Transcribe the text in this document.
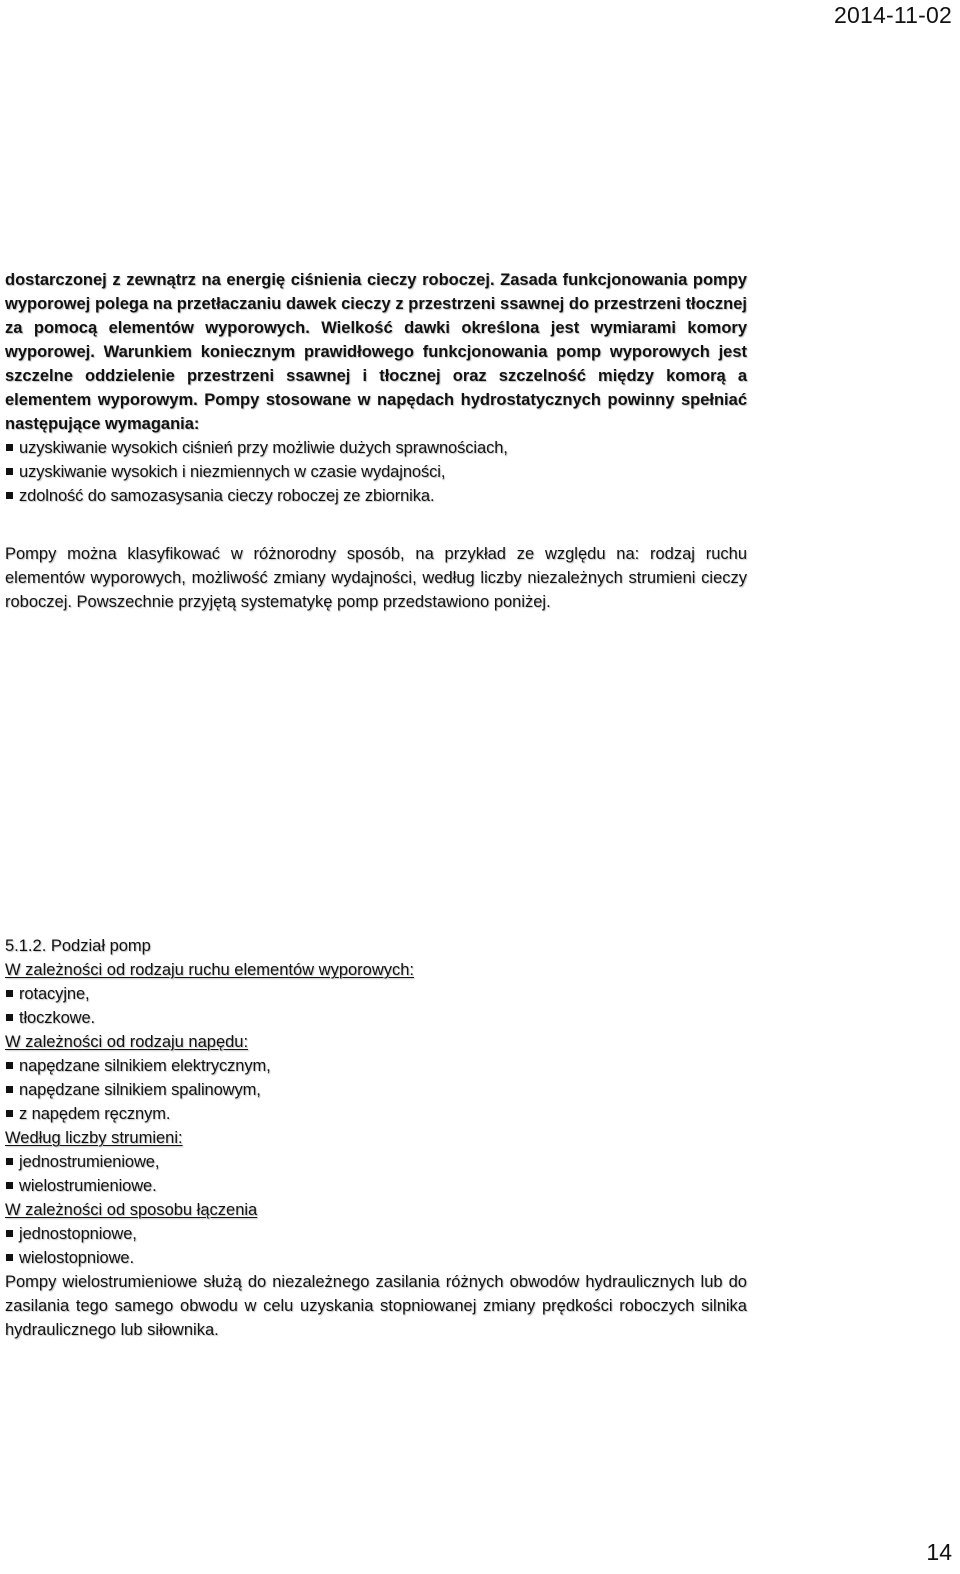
2014-11-02

dostarczonej z zewnątrz na energię ciśnienia cieczy roboczej. Zasada funkcjonowania pompy wyporowej polega na przetłaczaniu dawek cieczy z przestrzeni ssawnej do przestrzeni tłocznej za pomocą elementów wyporowych. Wielkość dawki określona jest wymiarami komory wyporowej. Warunkiem koniecznym prawidłowego funkcjonowania pomp wyporowych jest szczelne oddzielenie przestrzeni ssawnej i tłocznej oraz szczelność między komorą a elementem wyporowym. Pompy stosowane w napędach hydrostatycznych powinny spełniać następujące wymagania:

uzyskiwanie wysokich ciśnień przy możliwie dużych sprawnościach,
uzyskiwanie wysokich i niezmiennych w czasie wydajności,
zdolność do samozasysania cieczy roboczej ze zbiornika.

Pompy można klasyfikować w różnorodny sposób, na przykład ze względu na: rodzaj ruchu elementów wyporowych, możliwość zmiany wydajności, według liczby niezależnych strumieni cieczy roboczej. Powszechnie przyjętą systematykę pomp przedstawiono poniżej.

5.1.2. Podział pomp
W zależności od rodzaju ruchu elementów wyporowych:
rotacyjne,
tłoczkowe.
W zależności od rodzaju napędu:
napędzane silnikiem elektrycznym,
napędzane silnikiem spalinowym,
z napędem ręcznym.
Według liczby strumieni:
jednostrumieniowe,
wielostrumieniowe.
W zależności od sposobu łączenia
jednostopniowe,
wielostopniowe.

Pompy wielostrumieniowe służą do niezależnego zasilania różnych obwodów hydraulicznych lub do zasilania tego samego obwodu w celu uzyskania stopniowanej zmiany prędkości roboczych silnika hydraulicznego lub siłownika.

14
